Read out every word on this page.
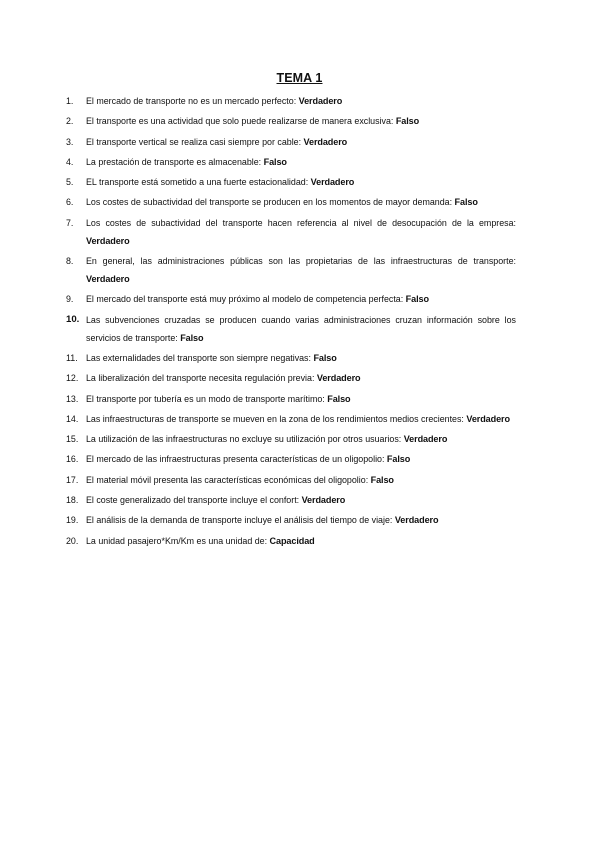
TEMA 1
1. El mercado de transporte no es un mercado perfecto: Verdadero
2. El transporte es una actividad que solo puede realizarse de manera exclusiva: Falso
3. El transporte vertical se realiza casi siempre por cable: Verdadero
4. La prestación de transporte es almacenable: Falso
5. EL transporte está sometido a una fuerte estacionalidad: Verdadero
6. Los costes de subactividad del transporte se producen en los momentos de mayor demanda: Falso
7. Los costes de subactividad del transporte hacen referencia al nivel de desocupación de la empresa: Verdadero
8. En general, las administraciones públicas son las propietarias de las infraestructuras de transporte: Verdadero
9. El mercado del transporte está muy próximo al modelo de competencia perfecta: Falso
10. Las subvenciones cruzadas se producen cuando varias administraciones cruzan información sobre los servicios de transporte: Falso
11. Las externalidades del transporte son siempre negativas: Falso
12. La liberalización del transporte necesita regulación previa: Verdadero
13. El transporte por tubería es un modo de transporte marítimo: Falso
14. Las infraestructuras de transporte se mueven en la zona de los rendimientos medios crecientes: Verdadero
15. La utilización de las infraestructuras no excluye su utilización por otros usuarios: Verdadero
16. El mercado de las infraestructuras presenta características de un oligopolio: Falso
17. El material móvil presenta las características económicas del oligopolio: Falso
18. El coste generalizado del transporte incluye el confort: Verdadero
19. El análisis de la demanda de transporte incluye el análisis del tiempo de viaje: Verdadero
20. La unidad pasajero*Km/Km es una unidad de: Capacidad
